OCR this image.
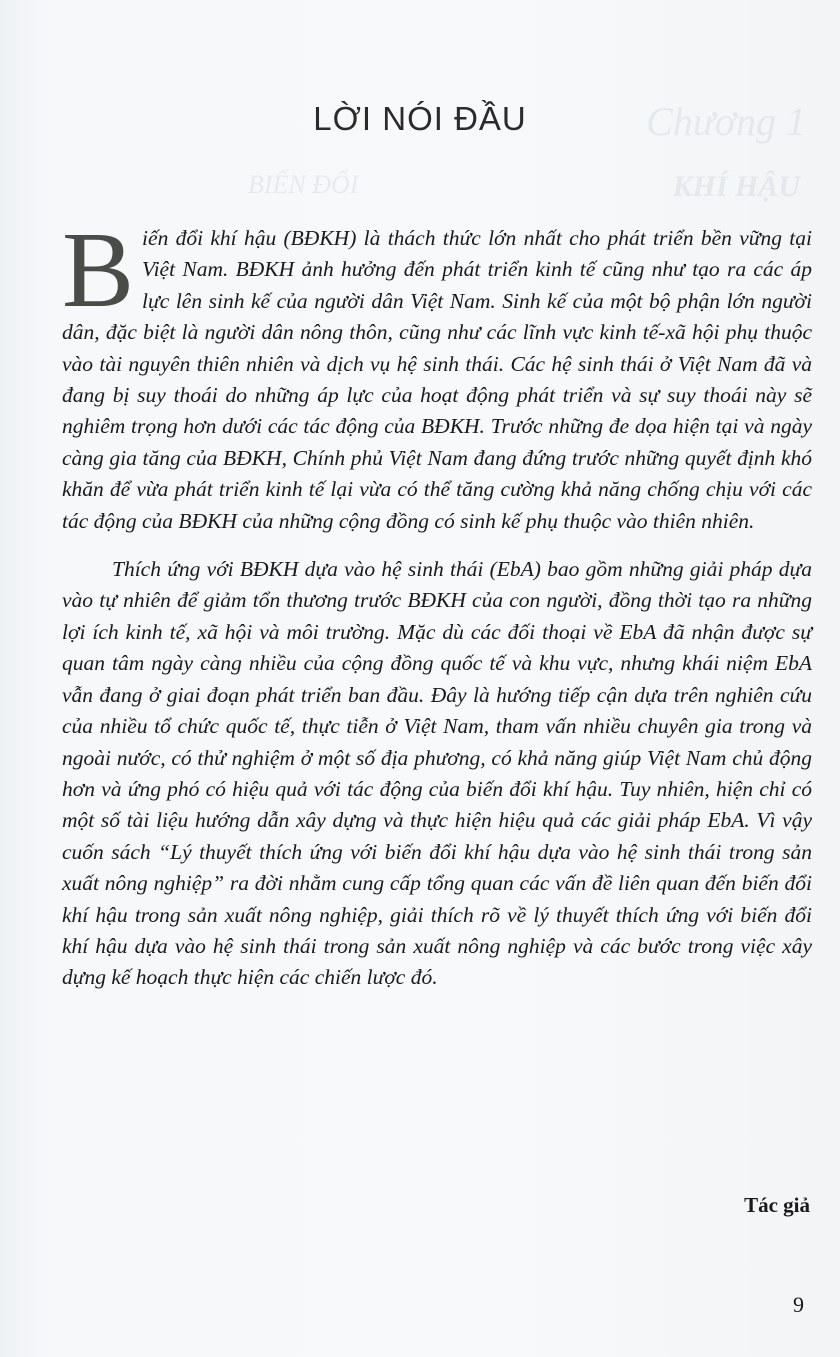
Chương 1
KHÍ HẬU
BIẾN ĐỔI
LỜI NÓI ĐẦU

Biến đổi khí hậu (BĐKH) là thách thức lớn nhất cho phát triển bền vững tại Việt Nam. BĐKH ảnh hưởng đến phát triển kinh tế cũng như tạo ra các áp lực lên sinh kế của người dân Việt Nam. Sinh kế của một bộ phận lớn người dân, đặc biệt là người dân nông thôn, cũng như các lĩnh vực kinh tế-xã hội phụ thuộc vào tài nguyên thiên nhiên và dịch vụ hệ sinh thái. Các hệ sinh thái ở Việt Nam đã và đang bị suy thoái do những áp lực của hoạt động phát triển và sự suy thoái này sẽ nghiêm trọng hơn dưới các tác động của BĐKH. Trước những đe dọa hiện tại và ngày càng gia tăng của BĐKH, Chính phủ Việt Nam đang đứng trước những quyết định khó khăn để vừa phát triển kinh tế lại vừa có thể tăng cường khả năng chống chịu với các tác động của BĐKH của những cộng đồng có sinh kế phụ thuộc vào thiên nhiên.

Thích ứng với BĐKH dựa vào hệ sinh thái (EbA) bao gồm những giải pháp dựa vào tự nhiên để giảm tổn thương trước BĐKH của con người, đồng thời tạo ra những lợi ích kinh tế, xã hội và môi trường. Mặc dù các đối thoại về EbA đã nhận được sự quan tâm ngày càng nhiều của cộng đồng quốc tế và khu vực, nhưng khái niệm EbA vẫn đang ở giai đoạn phát triển ban đầu. Đây là hướng tiếp cận dựa trên nghiên cứu của nhiều tổ chức quốc tế, thực tiễn ở Việt Nam, tham vấn nhiều chuyên gia trong và ngoài nước, có thử nghiệm ở một số địa phương, có khả năng giúp Việt Nam chủ động hơn và ứng phó có hiệu quả với tác động của biến đổi khí hậu. Tuy nhiên, hiện chỉ có một số tài liệu hướng dẫn xây dựng và thực hiện hiệu quả các giải pháp EbA. Vì vậy cuốn sách “Lý thuyết thích ứng với biến đổi khí hậu dựa vào hệ sinh thái trong sản xuất nông nghiệp” ra đời nhằm cung cấp tổng quan các vấn đề liên quan đến biến đổi khí hậu trong sản xuất nông nghiệp, giải thích rõ về lý thuyết thích ứng với biến đổi khí hậu dựa vào hệ sinh thái trong sản xuất nông nghiệp và các bước trong việc xây dựng kế hoạch thực hiện các chiến lược đó.

Tác giả
9
